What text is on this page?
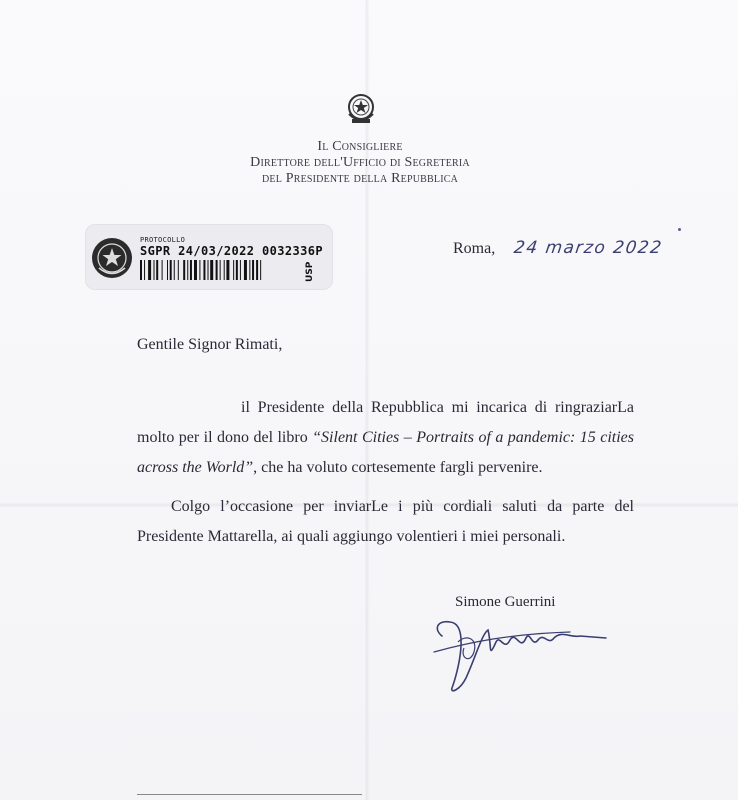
Il Consigliere
Direttore dell'Ufficio di Segreteria
del Presidente della Repubblica
PROTOCOLLO
SGPR 24/03/2022 0032336P
USP
Roma, 24 marzo 2022
Gentile Signor Rimati,

il Presidente della Repubblica mi incarica di ringraziarLa molto per il dono del libro “Silent Cities – Portraits of a pandemic: 15 cities across the World”, che ha voluto cortesemente fargli pervenire.

Colgo l’occasione per inviarLe i più cordiali saluti da parte del Presidente Mattarella, ai quali aggiungo volentieri i miei personali.

Simone Guerrini
